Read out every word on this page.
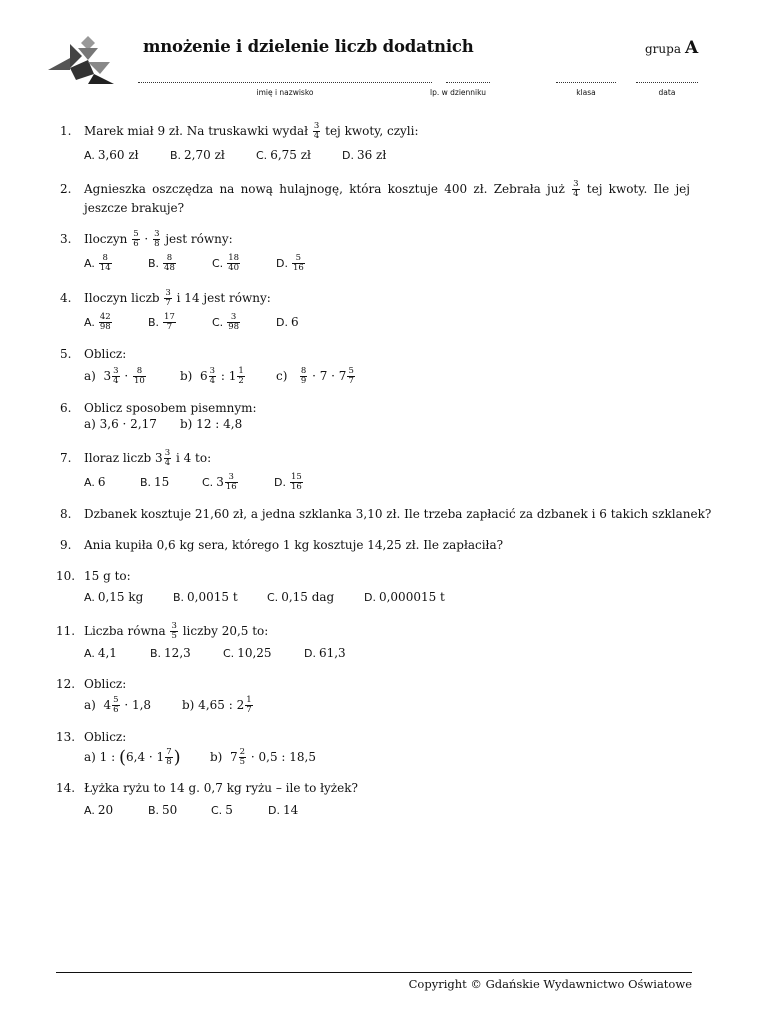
mnożenie i dzielenie liczb dodatnich	grupa A
imię i nazwisko	lp. w dzienniku	klasa	data
1.	Marek miał 9 zł. Na truskawki wydał $\frac{3}{4}$ tej kwoty, czyli:
A. 3,60 zł	B. 2,70 zł	C. 6,75 zł	D. 36 zł
2.	Agnieszka oszczędza na nową hulajnogę, która kosztuje 400 zł. Zebrała już $\frac{3}{4}$ tej kwoty. Ile jej jeszcze brakuje?
3.	Iloczyn $\frac{5}{6} \cdot \frac{3}{8}$ jest równy:
A. $\frac{8}{14}$	B. $\frac{8}{48}$	C. $\frac{18}{40}$	D. $\frac{5}{16}$
4.	Iloczyn liczb $\frac{3}{7}$ i 14 jest równy:
A. $\frac{42}{98}$	B. $\frac{17}{7}$	C. $\frac{3}{98}$	D. 6
5.	Oblicz:
a)  $3 \frac{3}{4} \cdot \frac{8}{10}$	b)  $6 \frac{3}{4}$ : $1 \frac{1}{2}$	$c) \frac{8}{9} \cdot 7 \cdot 7 \frac{5}{7}$
6.	Oblicz sposobem pisemnym:
a) 3,6 · 2,17 b) 12 : 4,8
7.	Iloraz liczb $3 \frac{3}{4}$ i 4 to:
A. 6	B. 15	C. $3 \frac{3}{16}$	D. $\frac{15}{16}$
8.	Dzbanek kosztuje 21,60 zł, a jedna szklanka 3,10 zł. Ile trzeba zapłacić za dzbanek i 6 takich szklanek?
9.	Ania kupiła 0,6 kg sera, którego 1 kg kosztuje 14,25 zł. Ile zapłaciła?
10. 15 g to:
A. 0,15 kg	B. 0,0015 t	C. 0,15 dag	D. 0,000015 t
11. Liczba równa $\frac{3}{5}$ liczby 20,5 to:
A. 4,1	B. 12,3	C. 10,25	D. 61,3
12. Oblicz:
a)  $4 \frac{5}{6} \cdot 1,8$	b) 4,65 : $2 \frac{1}{7}$
13. Oblicz:
a) 1 : ($6,4 \cdot 1 \frac{7}{8}$ ) b)  $7 \frac{2}{5} \cdot 0,5$ : 18,5
14. Łyżka ryżu to 14 g. 0,7 kg ryżu – ile to łyżek?
A. 20	B. 50	C. 5	D. 14
Copyright © Gdańskie Wydawnictwo Oświatowe
